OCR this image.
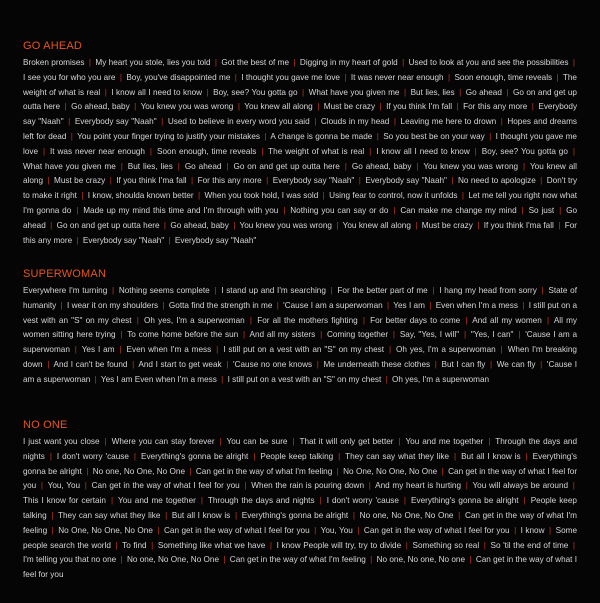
GO AHEAD

Broken promises | My heart you stole, lies you told | Got the best of me | Digging in my heart of gold | Used to look at you and see the possibilities | I see you for who you are | Boy, you've disappointed me | I thought you gave me love | It was never near enough | Soon enough, time reveals | The weight of what is real | I know all I need to know | Boy, see? You gotta go | What have you given me | But lies, lies | Go ahead | Go on and get up outta here | Go ahead, baby | You knew you was wrong | You knew all along | Must be crazy | If you think I'm fall | For this any more | Everybody say "Naah" | Everybody say "Naah" | Used to believe in every word you said | Clouds in my head | Leaving me here to drown | Hopes and dreams left for dead | You point your finger trying to justify your mistakes | A change is gonna be made | So you best be on your way | I thought you gave me love | It was never near enough | Soon enough, time reveals | The weight of what is real | I know all I need to know | Boy, see? You gotta go | What have you given me | But lies, lies | Go ahead | Go on and get up outta here | Go ahead, baby | You knew you was wrong | You knew all along | Must be crazy | If you think I'ma fall | For this any more | Everybody say "Naah" | Everybody say "Naah" | No need to apologize | Don't try to make it right | I know, shoulda known better | When you took hold, I was sold | Using fear to control, now it unfolds | Let me tell you right now what I'm gonna do | Made up my mind this time and I'm through with you | Nothing you can say or do | Can make me change my mind | So just | Go ahead | Go on and get up outta here | Go ahead, baby | You knew you was wrong | You knew all along | Must be crazy | If you think I'ma fall | For this any more | Everybody say "Naah" | Everybody say "Naah"

SUPERWOMAN

Everywhere I'm turning | Nothing seems complete | I stand up and I'm searching | For the better part of me | I hang my head from sorry | State of humanity | I wear it on my shoulders | Gotta find the strength in me | 'Cause I am a superwoman | Yes I am | Even when I'm a mess | I still put on a vest with an "S" on my chest | Oh yes, I'm a superwoman | For all the mothers fighting | For better days to come | And all my women | All my women sitting here trying | To come home before the sun | And all my sisters | Coming together | Say, "Yes, I will" | "Yes, I can" | 'Cause I am a superwoman | Yes I am | Even when I'm a mess | I still put on a vest with an "S" on my chest | Oh yes, I'm a superwoman | When I'm breaking down | And I can't be found | And I start to get weak | 'Cause no one knows | Me underneath these clothes | But I can fly | We can fly | 'Cause I am a superwoman | Yes I am Even when I'm a mess | I still put on a vest with an "S" on my chest | Oh yes, I'm a superwoman

NO ONE

I just want you close | Where you can stay forever | You can be sure | That it will only get better | You and me together | Through the days and nights | I don't worry 'cause | Everything's gonna be alright | People keep talking | They can say what they like | But all I know is | Everything's gonna be alright | No one, No One, No One | Can get in the way of what I'm feeling | No One, No One, No One | Can get in the way of what I feel for you | You, You | Can get in the way of what I feel for you | When the rain is pouring down | And my heart is hurting | You will always be around | This I know for certain | You and me together | Through the days and nights | I don't worry 'cause | Everything's gonna be alright | People keep talking | They can say what they like | But all I know is | Everything's gonna be alright | No one, No One, No One | Can get in the way of what I'm feeling | No One, No One, No One | Can get in the way of what I feel for you | You, You | Can get in the way of what I feel for you | I know | Some people search the world | To find | Something like what we have | I know People will try, try to divide | Something so real | So 'til the end of time | I'm telling you that no one | No one, No One, No One | Can get in the way of what I'm feeling | No one, No one, No one | Can get in the way of what I feel for you
